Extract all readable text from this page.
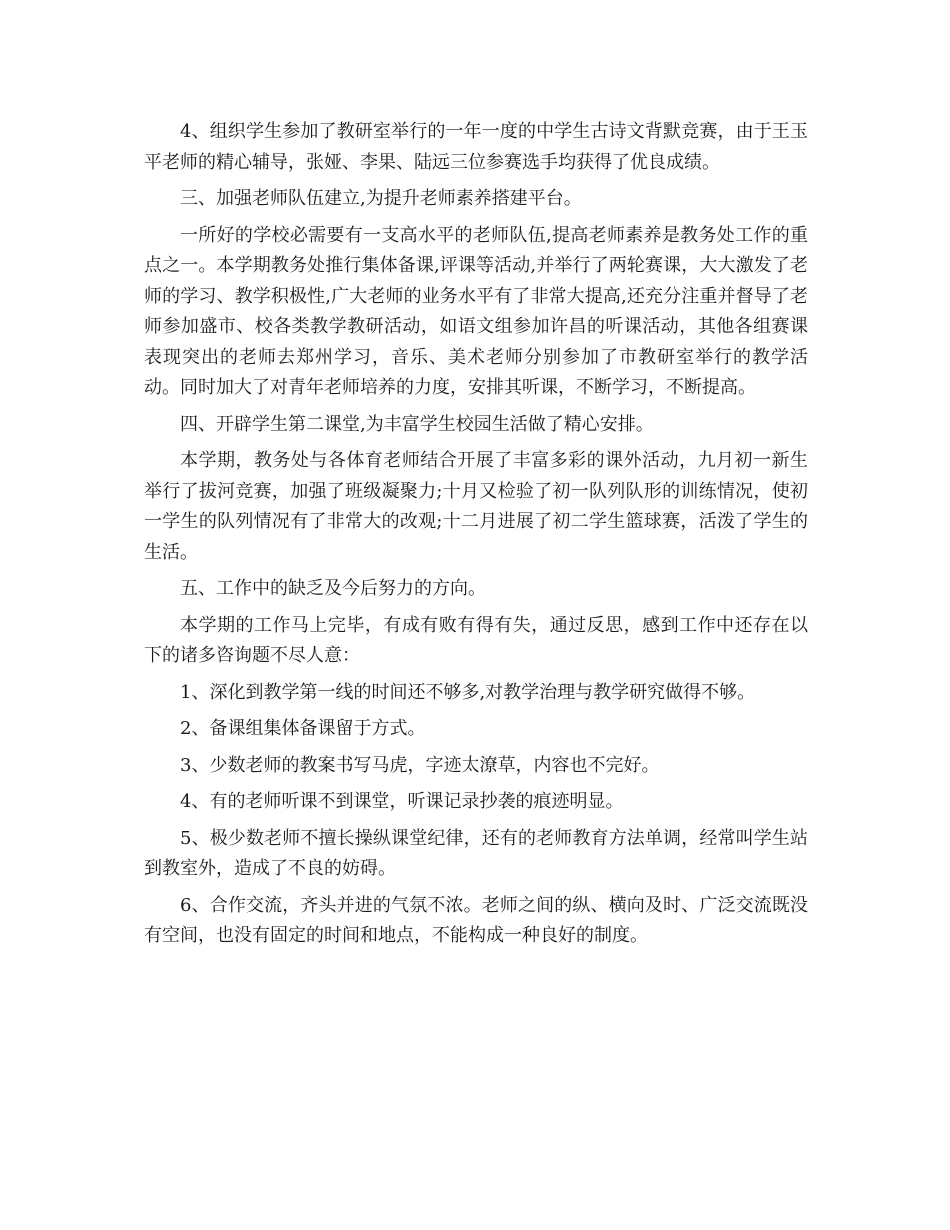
4、组织学生参加了教研室举行的一年一度的中学生古诗文背默竞赛，由于王玉平老师的精心辅导，张娅、李果、陆远三位参赛选手均获得了优良成绩。

三、加强老师队伍建立,为提升老师素养搭建平台。

一所好的学校必需要有一支高水平的老师队伍,提高老师素养是教务处工作的重点之一。本学期教务处推行集体备课,评课等活动,并举行了两轮赛课，大大激发了老师的学习、教学积极性,广大老师的业务水平有了非常大提高,还充分注重并督导了老师参加盛市、校各类教学教研活动，如语文组参加许昌的听课活动，其他各组赛课表现突出的老师去郑州学习，音乐、美术老师分别参加了市教研室举行的教学活动。同时加大了对青年老师培养的力度，安排其听课，不断学习，不断提高。

四、开辟学生第二课堂,为丰富学生校园生活做了精心安排。

本学期，教务处与各体育老师结合开展了丰富多彩的课外活动，九月初一新生举行了拔河竞赛，加强了班级凝聚力;十月又检验了初一队列队形的训练情况，使初一学生的队列情况有了非常大的改观;十二月进展了初二学生篮球赛，活泼了学生的生活。

五、工作中的缺乏及今后努力的方向。

本学期的工作马上完毕，有成有败有得有失，通过反思，感到工作中还存在以下的诸多咨询题不尽人意：

1、深化到教学第一线的时间还不够多,对教学治理与教学研究做得不够。

2、备课组集体备课留于方式。

3、少数老师的教案书写马虎，字迹太潦草，内容也不完好。

4、有的老师听课不到课堂，听课记录抄袭的痕迹明显。

5、极少数老师不擅长操纵课堂纪律，还有的老师教育方法单调，经常叫学生站到教室外，造成了不良的妨碍。

6、合作交流，齐头并进的气氛不浓。老师之间的纵、横向及时、广泛交流既没有空间，也没有固定的时间和地点，不能构成一种良好的制度。
